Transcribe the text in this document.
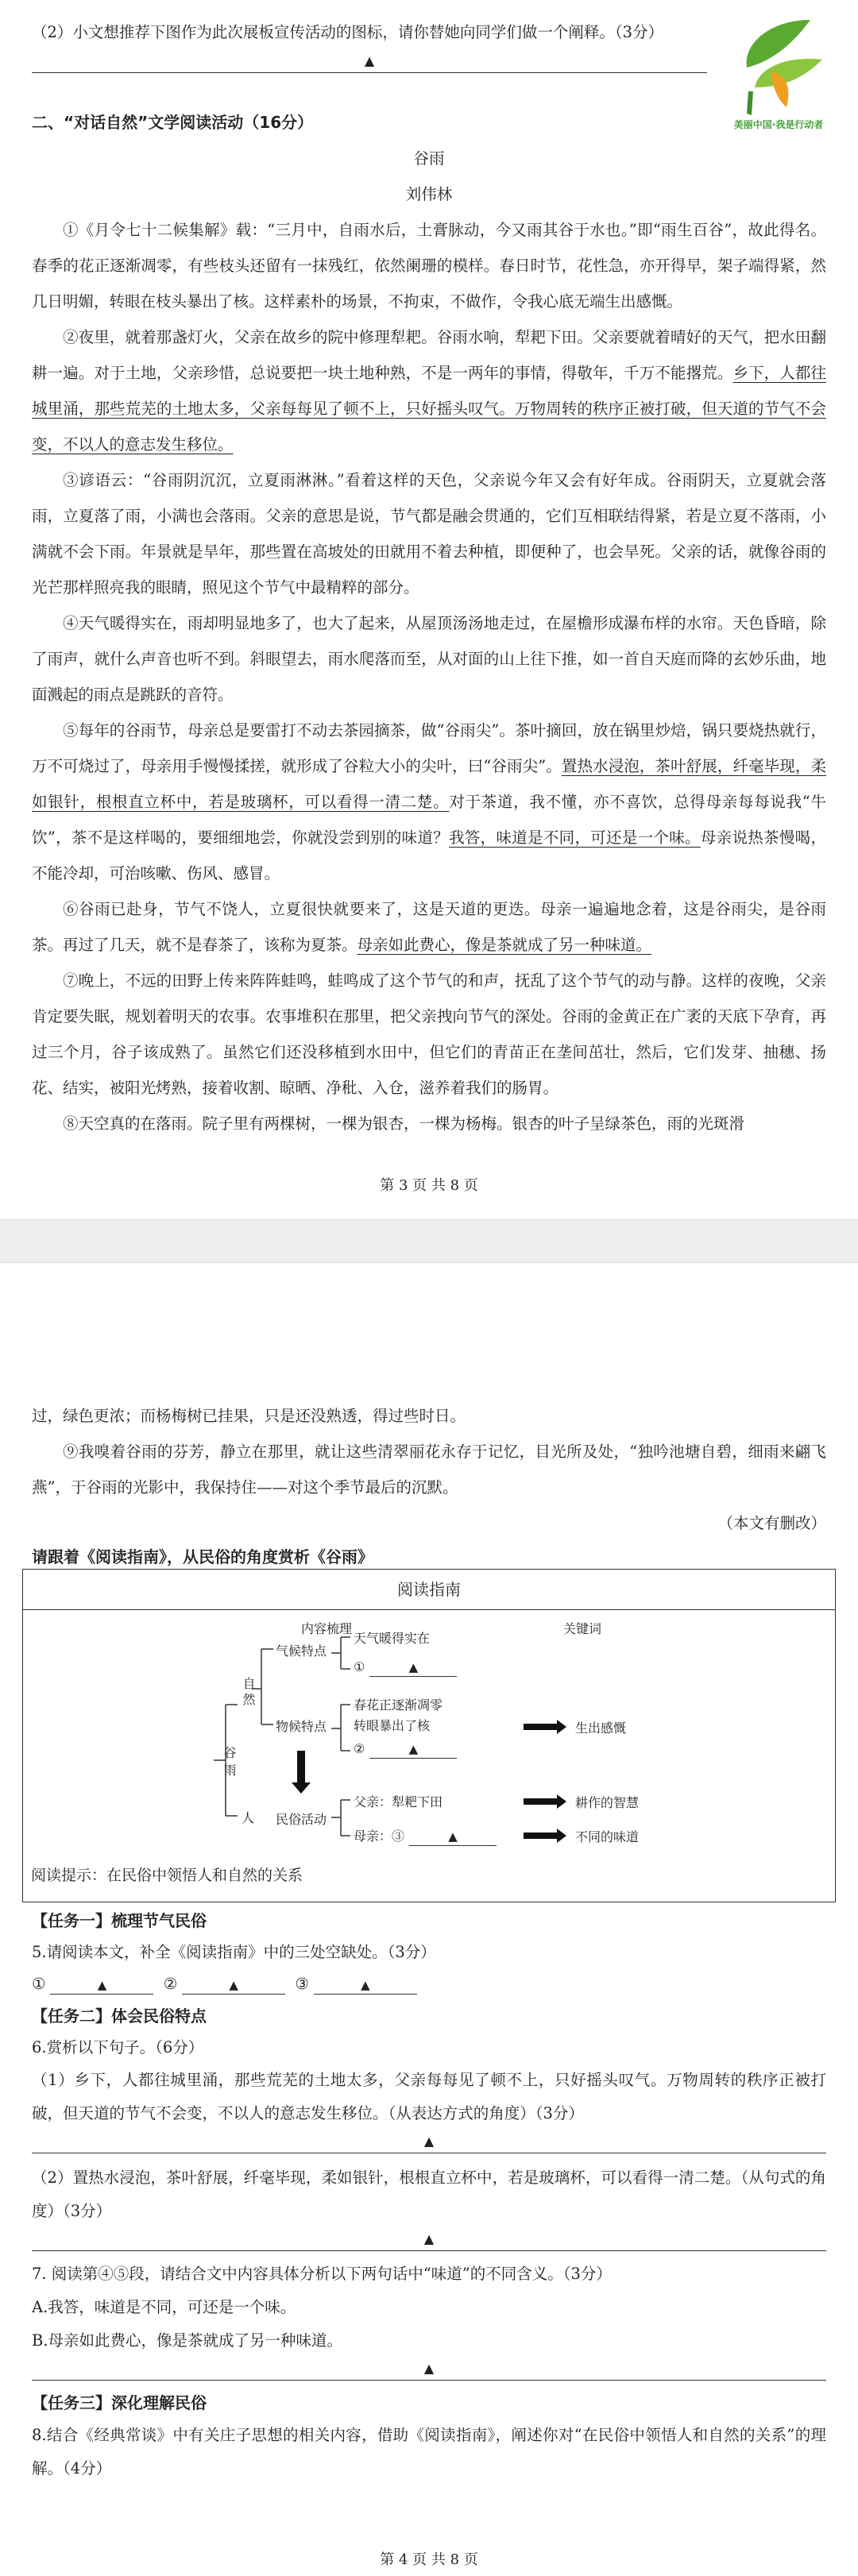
美丽中国·我是行动者

（2）小文想推荐下图作为此次展板宣传活动的图标，请你替她向同学们做一个阐释。（3分）

▲
二、“对话自然”文学阅读活动（16分）

谷雨

刘伟林

①《月令七十二候集解》载：“三月中，自雨水后，土膏脉动，今又雨其谷于水也。”即“雨生百谷”，故此得名。春季的花正逐渐凋零，有些枝头还留有一抹残红，依然阑珊的模样。春日时节，花性急，亦开得早，架子端得紧，然几日明媚，转眼在枝头暴出了核。这样素朴的场景，不拘束，不做作，令我心底无端生出感慨。

②夜里，就着那盏灯火，父亲在故乡的院中修理犁耙。谷雨水响，犁耙下田。父亲要就着晴好的天气，把水田翻耕一遍。对于土地，父亲珍惜，总说要把一块土地种熟，不是一两年的事情，得敬年，千万不能撂荒。乡下，人都往城里涌，那些荒芜的土地太多，父亲每每见了顿不上，只好摇头叹气。万物周转的秩序正被打破，但天道的节气不会变，不以人的意志发生移位。

③谚语云：“谷雨阴沉沉，立夏雨淋淋。”看着这样的天色，父亲说今年又会有好年成。谷雨阴天，立夏就会落雨，立夏落了雨，小满也会落雨。父亲的意思是说，节气都是融会贯通的，它们互相联结得紧，若是立夏不落雨，小满就不会下雨。年景就是旱年，那些置在高坡处的田就用不着去种植，即便种了，也会旱死。父亲的话，就像谷雨的光芒那样照亮我的眼睛，照见这个节气中最精粹的部分。

④天气暖得实在，雨却明显地多了，也大了起来，从屋顶汤汤地走过，在屋檐形成瀑布样的水帘。天色昏暗，除了雨声，就什么声音也听不到。斜眼望去，雨水爬落而至，从对面的山上往下推，如一首自天庭而降的玄妙乐曲，地面溅起的雨点是跳跃的音符。

⑤每年的谷雨节，母亲总是要雷打不动去茶园摘茶，做“谷雨尖”。茶叶摘回，放在锅里炒焙，锅只要烧热就行，万不可烧过了，母亲用手慢慢揉搓，就形成了谷粒大小的尖叶，曰“谷雨尖”。置热水浸泡，茶叶舒展，纤毫毕现，柔如银针，根根直立杯中，若是玻璃杯，可以看得一清二楚。对于茶道，我不懂，亦不喜饮，总得母亲每每说我“牛饮”，茶不是这样喝的，要细细地尝，你就没尝到别的味道？我答，味道是不同，可还是一个味。母亲说热茶慢喝，不能冷却，可治咳嗽、伤风、感冒。

⑥谷雨已赴身，节气不饶人，立夏很快就要来了，这是天道的更迭。母亲一遍遍地念着，这是谷雨尖，是谷雨茶。再过了几天，就不是春茶了，该称为夏茶。母亲如此费心，像是茶就成了另一种味道。

⑦晚上，不远的田野上传来阵阵蛙鸣，蛙鸣成了这个节气的和声，抚乱了这个节气的动与静。这样的夜晚，父亲肯定要失眠，规划着明天的农事。农事堆积在那里，把父亲拽向节气的深处。谷雨的金黄正在广袤的天底下孕育，再过三个月，谷子该成熟了。虽然它们还没移植到水田中，但它们的青苗正在垄间茁壮，然后，它们发芽、抽穗、扬花、结实，被阳光烤熟，接着收割、晾晒、净秕、入仓，滋养着我们的肠胃。

⑧天空真的在落雨。院子里有两棵树，一棵为银杏，一棵为杨梅。银杏的叶子呈绿茶色，雨的光斑滑

第 3 页 共 8 页

过，绿色更浓；而杨梅树已挂果，只是还没熟透，得过些时日。

⑨我嗅着谷雨的芬芳，静立在那里，就让这些清翠丽花永存于记忆，目光所及处，“独吟池塘自碧，细雨来翩飞燕”，于谷雨的光影中，我保持住——对这个季节最后的沉默。

（本文有删改）

请跟着《阅读指南》，从民俗的角度赏析《谷雨》

阅读指南
内容梳理	关键词
谷雨
自然
人
气候特点
物候特点
民俗活动
天气暖得实在
①	▲
春花正逐渐凋零
转眼暴出了核
②	▲
父亲：犁耙下田
母亲：③	▲
生出感慨
耕作的智慧
不同的味道
阅读提示：在民俗中领悟人和自然的关系

【任务一】梳理节气民俗

5.请阅读本文，补全《阅读指南》中的三处空缺处。（3分）

①	▲	②	▲	③	▲

【任务二】体会民俗特点

6.赏析以下句子。（6分）

（1）乡下，人都往城里涌，那些荒芜的土地太多，父亲每每见了顿不上，只好摇头叹气。万物周转的秩序正被打破，但天道的节气不会变，不以人的意志发生移位。（从表达方式的角度）（3分）

▲

（2）置热水浸泡，茶叶舒展，纤毫毕现，柔如银针，根根直立杯中，若是玻璃杯，可以看得一清二楚。（从句式的角度）（3分）

▲

7. 阅读第④⑤段，请结合文中内容具体分析以下两句话中“味道”的不同含义。（3分）

A.我答，味道是不同，可还是一个味。

B.母亲如此费心，像是茶就成了另一种味道。

▲

【任务三】深化理解民俗

8.结合《经典常谈》中有关庄子思想的相关内容，借助《阅读指南》，阐述你对“在民俗中领悟人和自然的关系”的理解。（4分）

第 4 页 共 8 页
